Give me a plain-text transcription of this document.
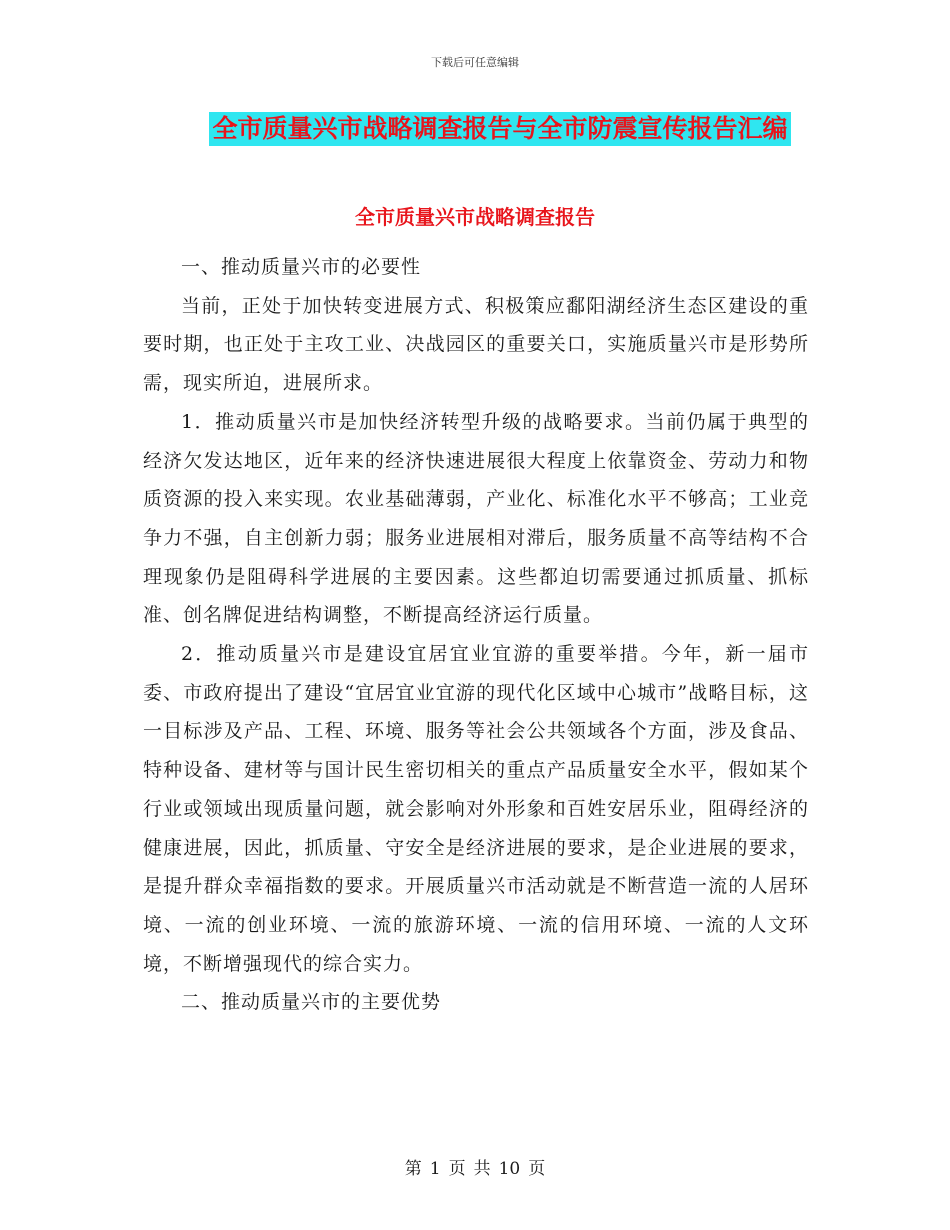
下载后可任意编辑
全市质量兴市战略调查报告与全市防震宣传报告汇编
全市质量兴市战略调查报告

一、推动质量兴市的必要性

当前，正处于加快转变进展方式、积极策应鄱阳湖经济生态区建设的重要时期，也正处于主攻工业、决战园区的重要关口，实施质量兴市是形势所需，现实所迫，进展所求。

1．推动质量兴市是加快经济转型升级的战略要求。当前仍属于典型的经济欠发达地区，近年来的经济快速进展很大程度上依靠资金、劳动力和物质资源的投入来实现。农业基础薄弱，产业化、标准化水平不够高；工业竞争力不强，自主创新力弱；服务业进展相对滞后，服务质量不高等结构不合理现象仍是阻碍科学进展的主要因素。这些都迫切需要通过抓质量、抓标准、创名牌促进结构调整，不断提高经济运行质量。

2．推动质量兴市是建设宜居宜业宜游的重要举措。今年，新一届市委、市政府提出了建设“宜居宜业宜游的现代化区域中心城市”战略目标，这一目标涉及产品、工程、环境、服务等社会公共领域各个方面，涉及食品、特种设备、建材等与国计民生密切相关的重点产品质量安全水平，假如某个行业或领域出现质量问题，就会影响对外形象和百姓安居乐业，阻碍经济的健康进展，因此，抓质量、守安全是经济进展的要求，是企业进展的要求，是提升群众幸福指数的要求。开展质量兴市活动就是不断营造一流的人居环境、一流的创业环境、一流的旅游环境、一流的信用环境、一流的人文环境，不断增强现代的综合实力。

二、推动质量兴市的主要优势

第 1 页 共 10 页
